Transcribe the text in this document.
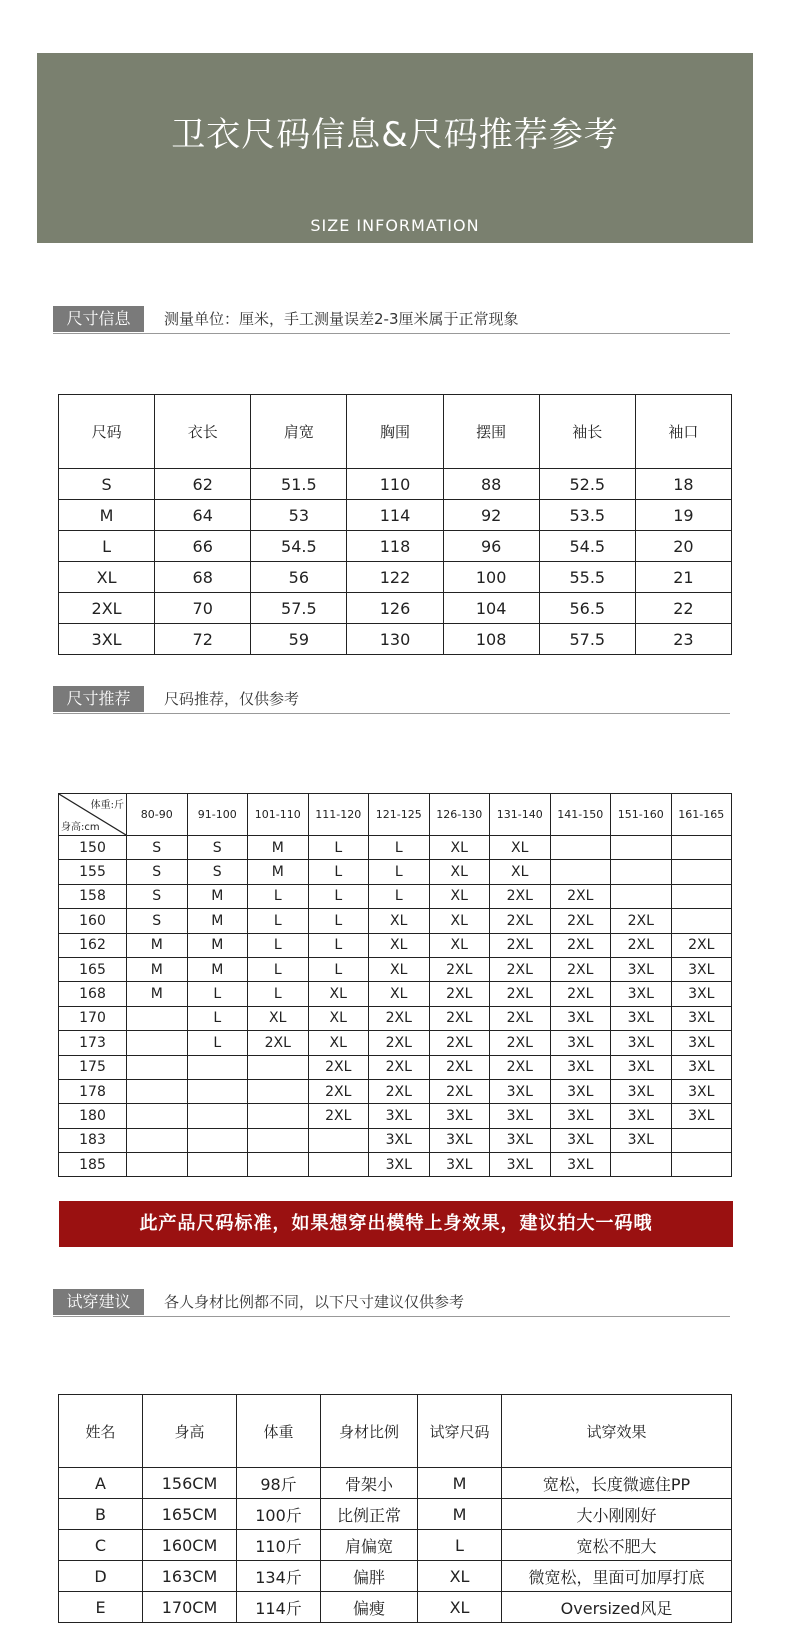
卫衣尺码信息&尺码推荐参考
SIZE INFORMATION
尺寸信息	测量单位：厘米，手工测量误差2-3厘米属于正常现象
尺码	衣长	肩宽	胸围	摆围	袖长	袖口
S	62	51.5	110	88	52.5	18
M	64	53	114	92	53.5	19
L	66	54.5	118	96	54.5	20
XL	68	56	122	100	55.5	21
2XL	70	57.5	126	104	56.5	22
3XL	72	59	130	108	57.5	23
尺寸推荐	尺码推荐，仅供参考
体重:斤
身高:cm	80-90	91-100	101-110	111-120	121-125	126-130	131-140	141-150	151-160	161-165
150	S	S	M	L	L	XL	XL			
155	S	S	M	L	L	XL	XL			
158	S	M	L	L	L	XL	2XL	2XL		
160	S	M	L	L	XL	XL	2XL	2XL	2XL	
162	M	M	L	L	XL	XL	2XL	2XL	2XL	2XL
165	M	M	L	L	XL	2XL	2XL	2XL	3XL	3XL
168	M	L	L	XL	XL	2XL	2XL	2XL	3XL	3XL
170		L	XL	XL	2XL	2XL	2XL	3XL	3XL	3XL
173		L	2XL	XL	2XL	2XL	2XL	3XL	3XL	3XL
175				2XL	2XL	2XL	2XL	3XL	3XL	3XL
178				2XL	2XL	2XL	3XL	3XL	3XL	3XL
180				2XL	3XL	3XL	3XL	3XL	3XL	3XL
183					3XL	3XL	3XL	3XL	3XL	
185					3XL	3XL	3XL	3XL		
此产品尺码标准，如果想穿出模特上身效果，建议拍大一码哦
试穿建议	各人身材比例都不同，以下尺寸建议仅供参考
姓名	身高	体重	身材比例	试穿尺码	试穿效果
A	156CM	98斤	骨架小	M	宽松，长度微遮住PP
B	165CM	100斤	比例正常	M	大小刚刚好
C	160CM	110斤	肩偏宽	L	宽松不肥大
D	163CM	134斤	偏胖	XL	微宽松，里面可加厚打底
E	170CM	114斤	偏瘦	XL	Oversized风足
